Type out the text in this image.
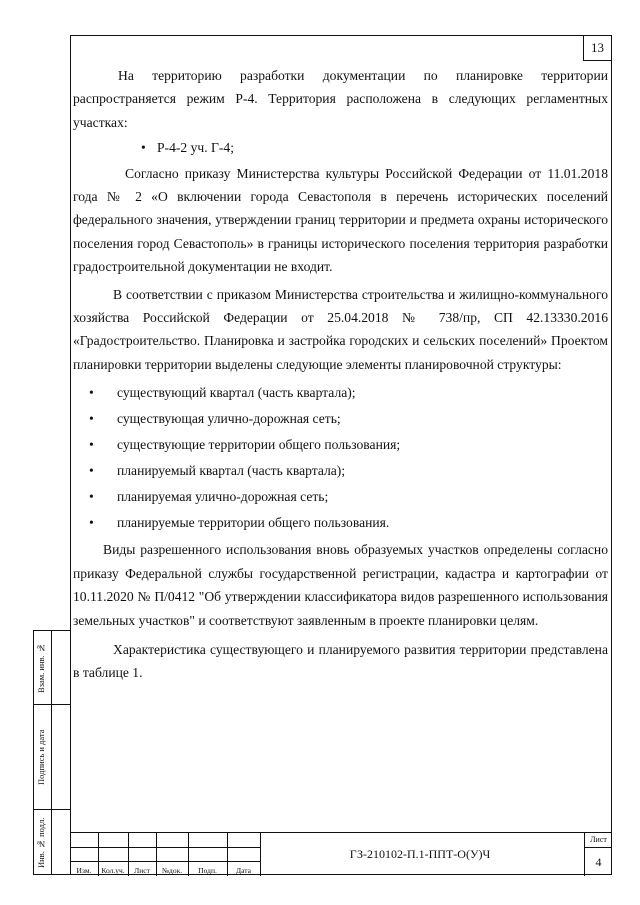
13

На территорию разработки документации по планировке территории распространяется режим Р-4. Территория расположена в следующих регламентных участках:

• Р-4-2 уч. Г-4;

Согласно приказу Министерства культуры Российской Федерации от 11.01.2018 года № 2 «О включении города Севастополя в перечень исторических поселений федерального значения, утверждении границ территории и предмета охраны исторического поселения город Севастополь» в границы исторического поселения территория разработки градостроительной документации не входит.

В соответствии с приказом Министерства строительства и жилищно-коммунального хозяйства Российской Федерации от 25.04.2018 № 738/пр, СП 42.13330.2016 «Градостроительство. Планировка и застройка городских и сельских поселений» Проектом планировки территории выделены следующие элементы планировочной структуры:

• существующий квартал (часть квартала);
• существующая улично-дорожная сеть;
• существующие территории общего пользования;
• планируемый квартал (часть квартала);
• планируемая улично-дорожная сеть;
• планируемые территории общего пользования.

Виды разрешенного использования вновь образуемых участков определены согласно приказу Федеральной службы государственной регистрации, кадастра и картографии от 10.11.2020 № П/0412 "Об утверждении классификатора видов разрешенного использования земельных участков" и соответствуют заявленным в проекте планировки целям.

Характеристика существующего и планируемого развития территории представлена в таблице 1.

Взам. инв. №
Подпись и дата
Инв. № подл.
Изм.	Кол.уч.	Лист	№док.	Подп.	Дата
ГЗ-210102-П.1-ППТ-О(У)Ч
Лист
4
